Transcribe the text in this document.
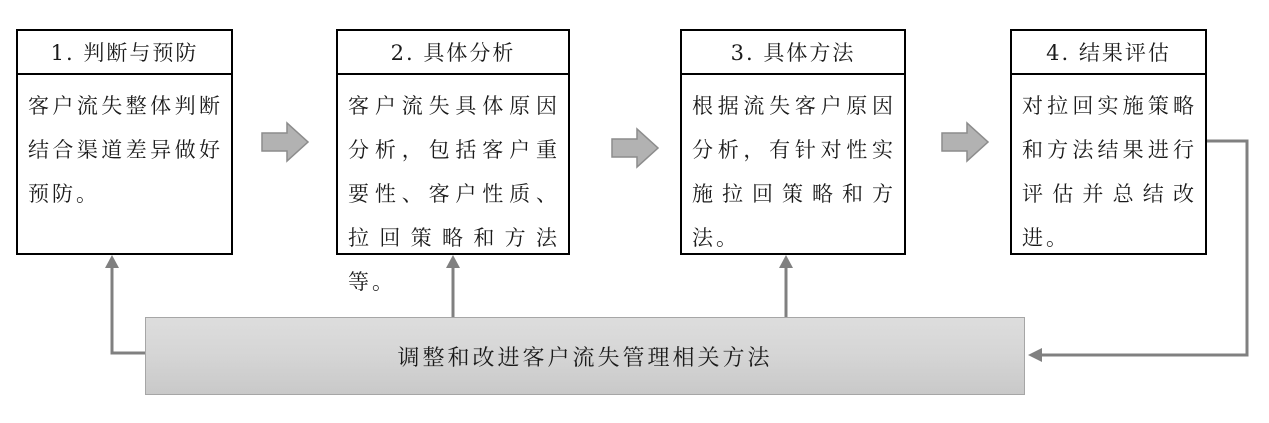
1. 判断与预防
客户流失整体判断结合渠道差异做好预防。
2. 具体分析
客户流失具体原因分析，包括客户重要性、客户性质、拉回策略和方法等。
3. 具体方法
根据流失客户原因分析，有针对性实施拉回策略和方法。
4. 结果评估
对拉回实施策略和方法结果进行评估并总结改进。
调整和改进客户流失管理相关方法
